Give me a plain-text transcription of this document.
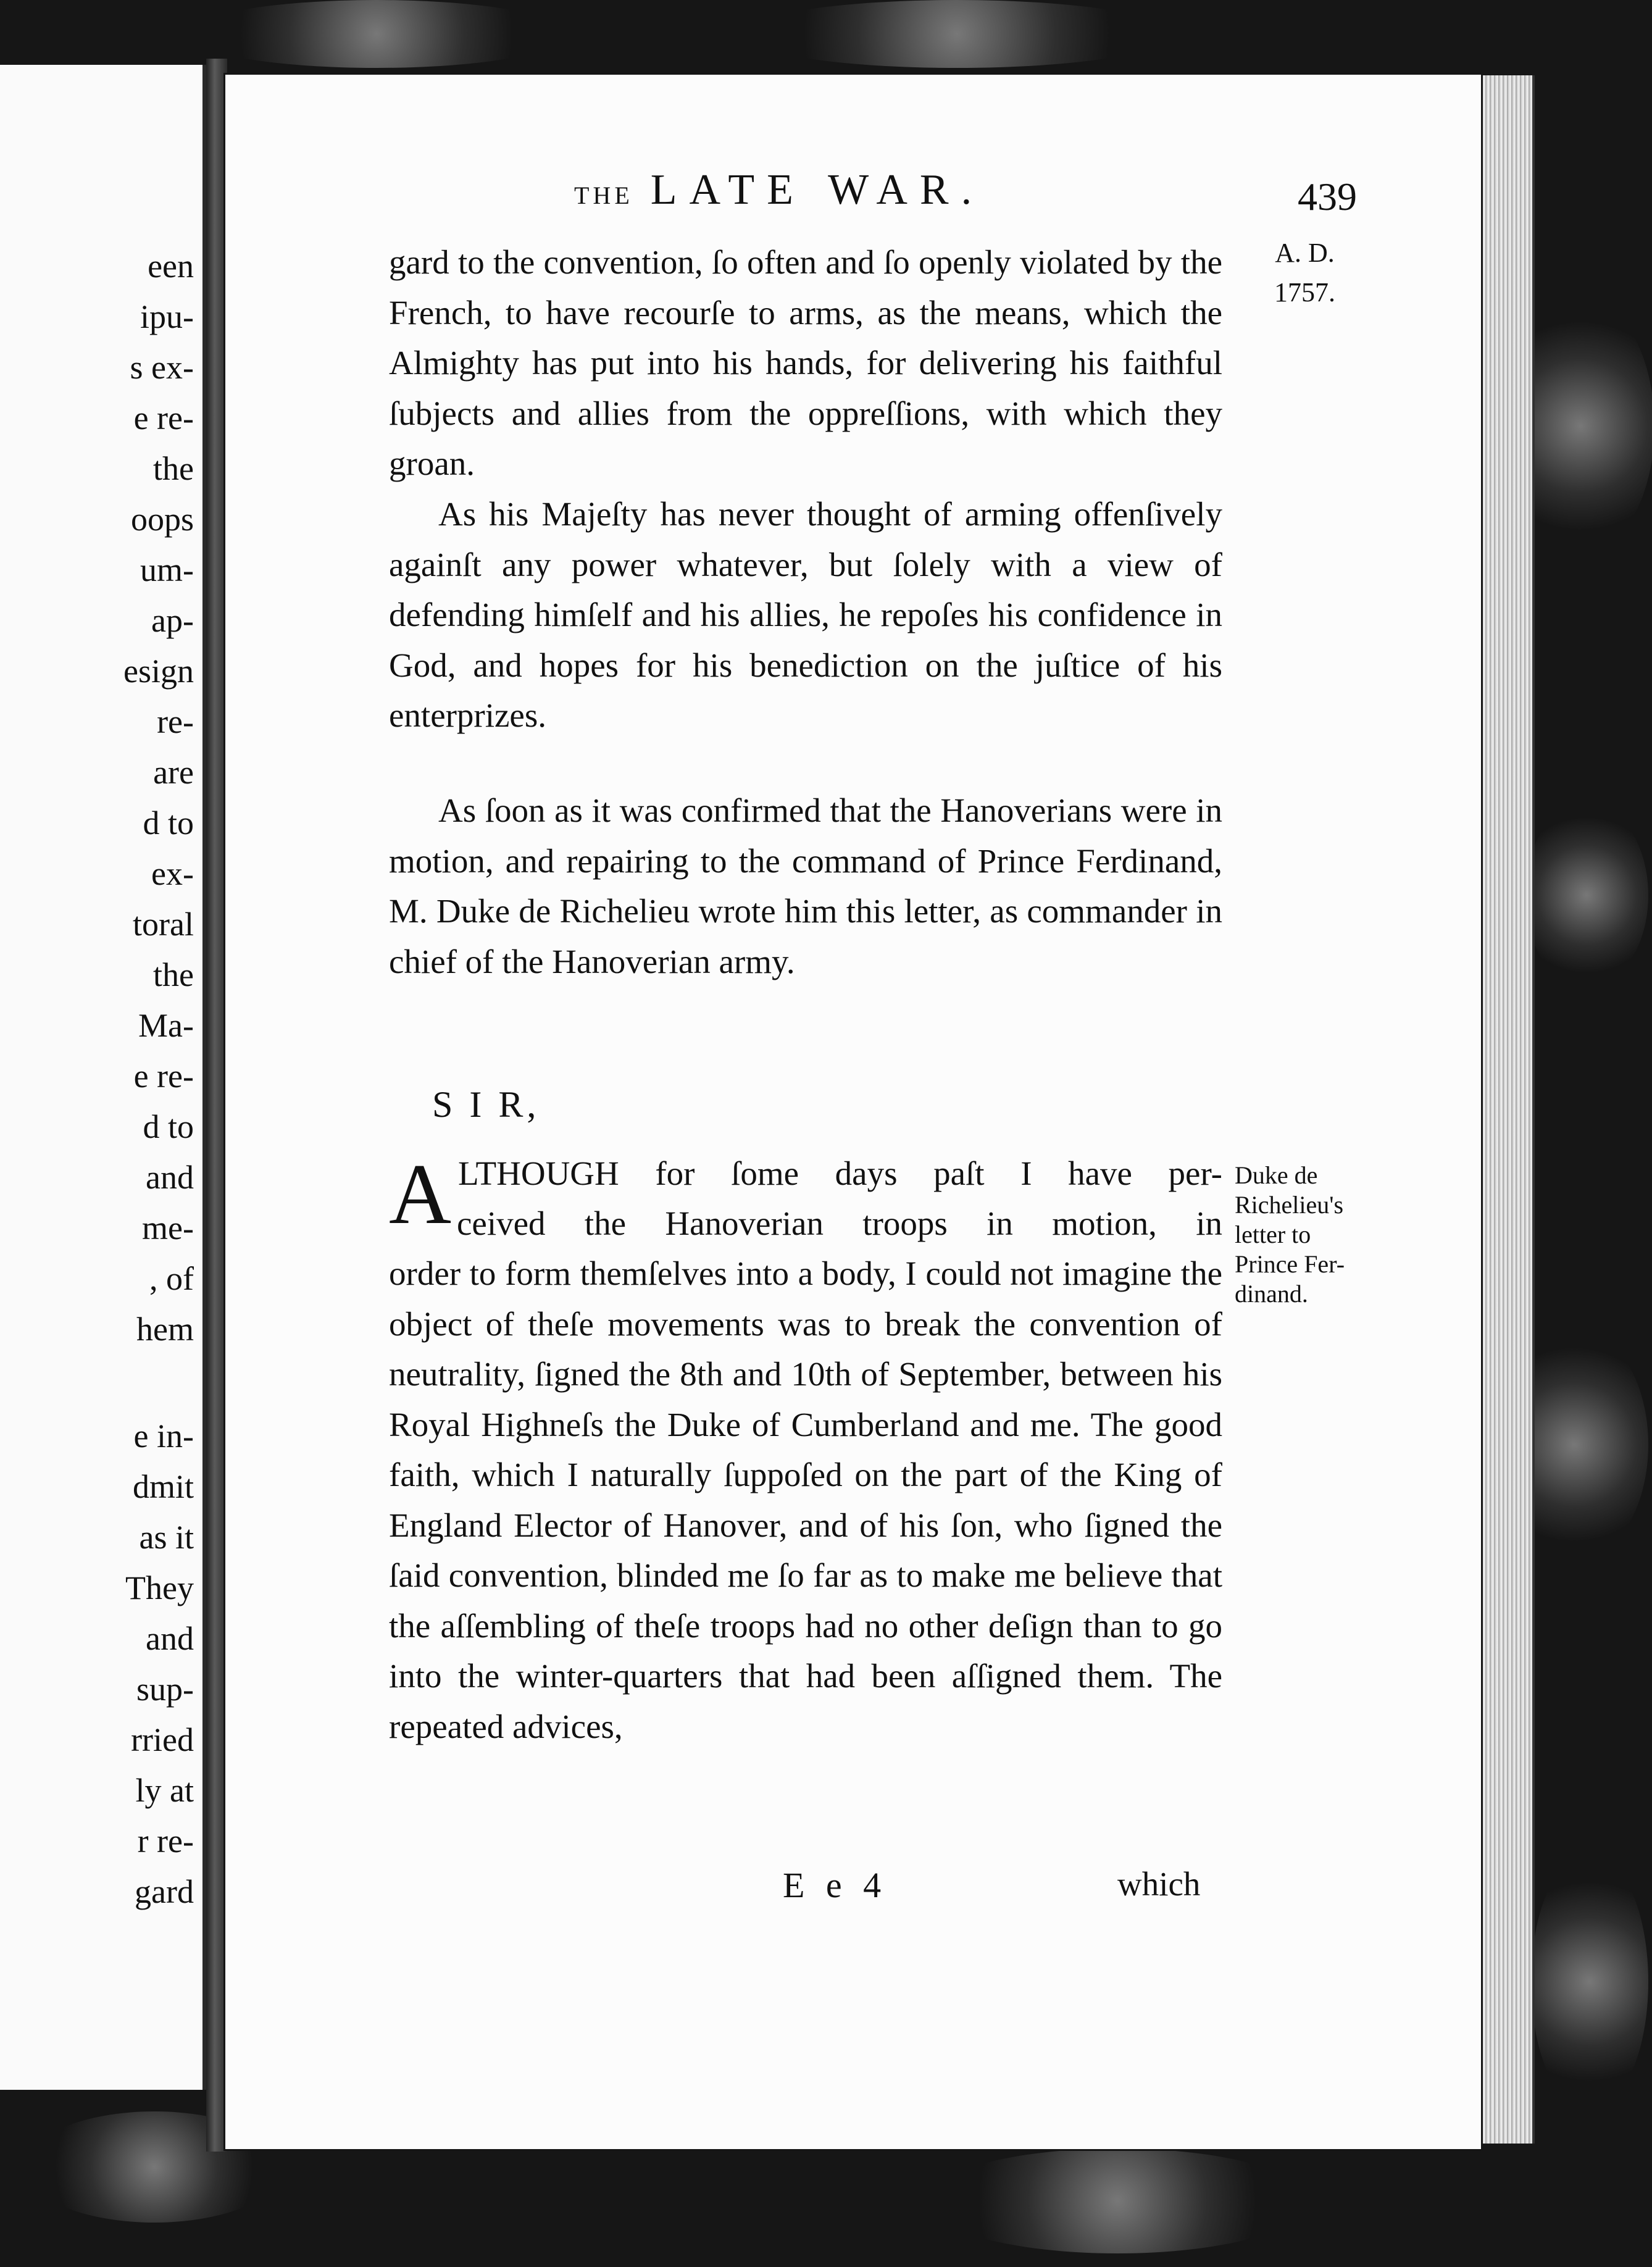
een

ipu-

s ex-

e re-

the

oops

um-

ap-

esign

re-

are

d to

ex-

toral

the

Ma-

e re-

d to

and

me-

, of

hem

e in-

dmit

as it

They

and

sup-

rried

ly at

r re-

gard

THE LATE WAR.	439
A. D.
1757.

gard to the convention, ſo often and ſo openly violated by the French, to have recourſe to arms, as the means, which the Almighty has put into his hands, for delivering his faithful ſubjects and allies from the oppreſſions, with which they groan.

As his Majeſty has never thought of arming offenſively againſt any power whatever, but ſolely with a view of defending himſelf and his allies, he repoſes his confidence in God, and hopes for his benediction on the juſtice of his enterprizes.

As ſoon as it was confirmed that the Hanoverians were in motion, and repairing to the command of Prince Ferdinand, M. Duke de Richelieu wrote him this letter, as commander in chief of the Hanoverian army.

S I R,

A LTHOUGH for ſome days paſt I have per-

ceived the Hanoverian troops in motion, in

order to form themſelves into a body, I could not imagine the object of theſe movements was to break the convention of neutrality, ſigned the 8th and 10th of September, between his Royal Highneſs the Duke of Cumberland and me. The good faith, which I naturally ſuppoſed on the part of the King of England Elector of Hanover, and of his ſon, who ſigned the ſaid convention, blinded me ſo far as to make me believe that the aſſembling of theſe troops had no other deſign than to go into the winter-quarters that had been aſſigned them. The repeated advices,

Duke de
Richelieu's
letter to
Prince Fer-
dinand.

E e 4	which
